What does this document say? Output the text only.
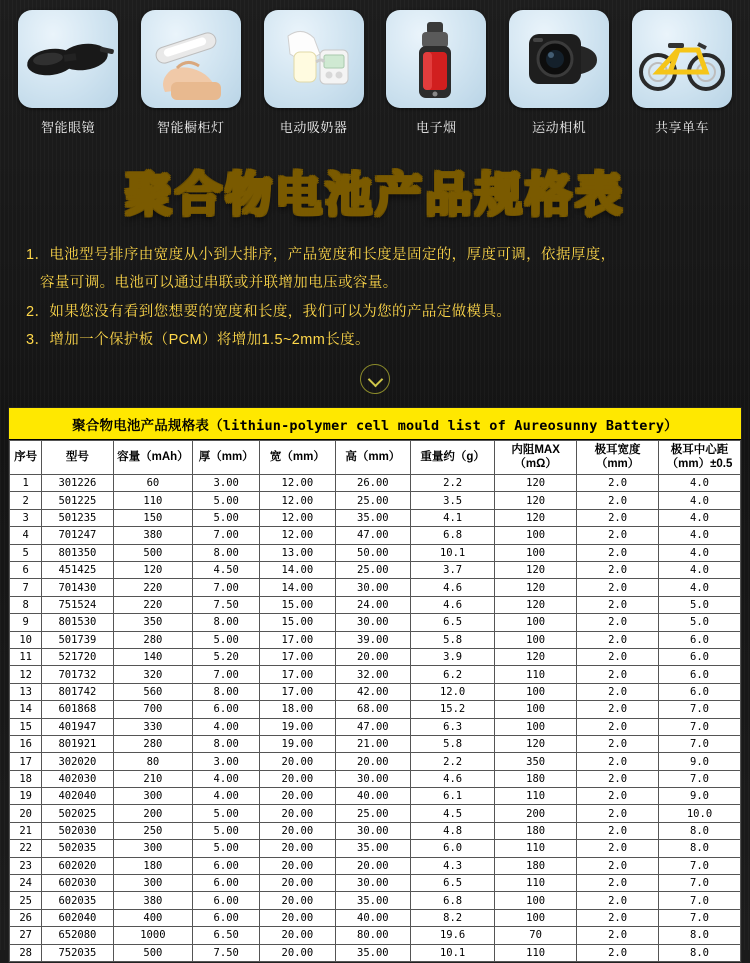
智能眼镜	智能橱柜灯	电动吸奶器	电子烟	运动相机	共享单车
聚合物电池产品规格表
1．电池型号排序由宽度从小到大排序，产品宽度和长度是固定的，厚度可调，依据厚度，
容量可调。电池可以通过串联或并联增加电压或容量。
2．如果您没有看到您想要的宽度和长度，我们可以为您的产品定做模具。
3．增加一个保护板（PCM）将增加1.5~2mm长度。
聚合物电池产品规格表（lithiun-polymer cell mould list of Aureosunny Battery）
序号	型号	容量（mAh）	厚（mm）	宽（mm）	高（mm）	重量约（g）	内阻MAX（mΩ）	极耳宽度（mm）	极耳中心距（mm）±0.5
1	301226	60	3.00	12.00	26.00	2.2	120	2.0	4.0
2	501225	110	5.00	12.00	25.00	3.5	120	2.0	4.0
3	501235	150	5.00	12.00	35.00	4.1	120	2.0	4.0
4	701247	380	7.00	12.00	47.00	6.8	100	2.0	4.0
5	801350	500	8.00	13.00	50.00	10.1	100	2.0	4.0
6	451425	120	4.50	14.00	25.00	3.7	120	2.0	4.0
7	701430	220	7.00	14.00	30.00	4.6	120	2.0	4.0
8	751524	220	7.50	15.00	24.00	4.6	120	2.0	5.0
9	801530	350	8.00	15.00	30.00	6.5	100	2.0	5.0
10	501739	280	5.00	17.00	39.00	5.8	100	2.0	6.0
11	521720	140	5.20	17.00	20.00	3.9	120	2.0	6.0
12	701732	320	7.00	17.00	32.00	6.2	110	2.0	6.0
13	801742	560	8.00	17.00	42.00	12.0	100	2.0	6.0
14	601868	700	6.00	18.00	68.00	15.2	100	2.0	7.0
15	401947	330	4.00	19.00	47.00	6.3	100	2.0	7.0
16	801921	280	8.00	19.00	21.00	5.8	120	2.0	7.0
17	302020	80	3.00	20.00	20.00	2.2	350	2.0	9.0
18	402030	210	4.00	20.00	30.00	4.6	180	2.0	7.0
19	402040	300	4.00	20.00	40.00	6.1	110	2.0	9.0
20	502025	200	5.00	20.00	25.00	4.5	200	2.0	10.0
21	502030	250	5.00	20.00	30.00	4.8	180	2.0	8.0
22	502035	300	5.00	20.00	35.00	6.0	110	2.0	8.0
23	602020	180	6.00	20.00	20.00	4.3	180	2.0	7.0
24	602030	300	6.00	20.00	30.00	6.5	110	2.0	7.0
25	602035	380	6.00	20.00	35.00	6.8	100	2.0	7.0
26	602040	400	6.00	20.00	40.00	8.2	100	2.0	7.0
27	652080	1000	6.50	20.00	80.00	19.6	70	2.0	8.0
28	752035	500	7.50	20.00	35.00	10.1	110	2.0	8.0
